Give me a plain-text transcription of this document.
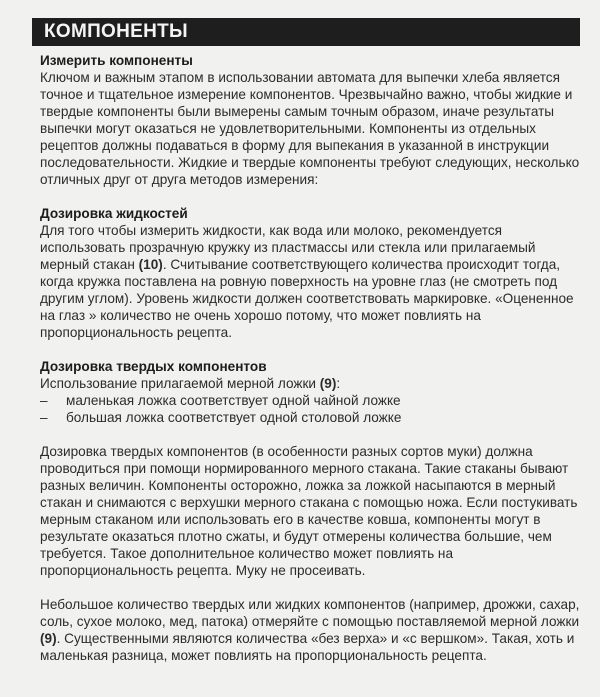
КОМПОНЕНТЫ
Измерить компоненты

Ключом и важным этапом в использовании автомата для выпечки хлеба является точное и тщательное измерение компонентов. Чрезвычайно важно, чтобы жидкие и твердые компоненты были вымерены самым точным образом, иначе результаты выпечки могут оказаться не удовлетворительными. Компоненты из отдельных рецептов должны подаваться в форму для выпекания в указанной в инструкции последовательности. Жидкие и твердые компоненты требуют следующих, несколько отличных друг от друга методов измерения:

Дозировка жидкостей

Для того чтобы измерить жидкости, как вода или молоко, рекомендуется использовать прозрачную кружку из пластмассы или стекла или прилагаемый мерный стакан (10). Считывание соответствующего количества происходит тогда, когда кружка поставлена на ровную поверхность на уровне глаз (не смотреть под другим углом). Уровень жидкости должен соответствовать маркировке. «Оцененное на глаз » количество не очень хорошо потому, что может повлиять на пропорциональность рецепта.

Дозировка твердых компонентов

Использование прилагаемой мерной ложки (9):

– маленькая ложка соответствует одной чайной ложке
– большая ложка соответствует одной столовой ложке

Дозировка твердых компонентов (в особенности разных сортов муки) должна проводиться при помощи нормированного мерного стакана. Такие стаканы бывают разных величин. Компоненты осторожно, ложка за ложкой насыпаются в мерный стакан и снимаются с верхушки мерного стакана с помощью ножа. Если постукивать мерным стаканом или использовать его в качестве ковша, компоненты могут в результате оказаться плотно сжаты, и будут отмерены количества большие, чем требуется. Такое дополнительное количество может повлиять на пропорциональность рецепта. Муку не просеивать.

Небольшое количество твердых или жидких компонентов (например, дрожжи, сахар, соль, сухое молоко, мед, патока) отмеряйте с помощью поставляемой мерной ложки (9). Существенными являются количества «без верха» и «с вершком». Такая, хоть и маленькая разница, может повлиять на пропорциональность рецепта.
